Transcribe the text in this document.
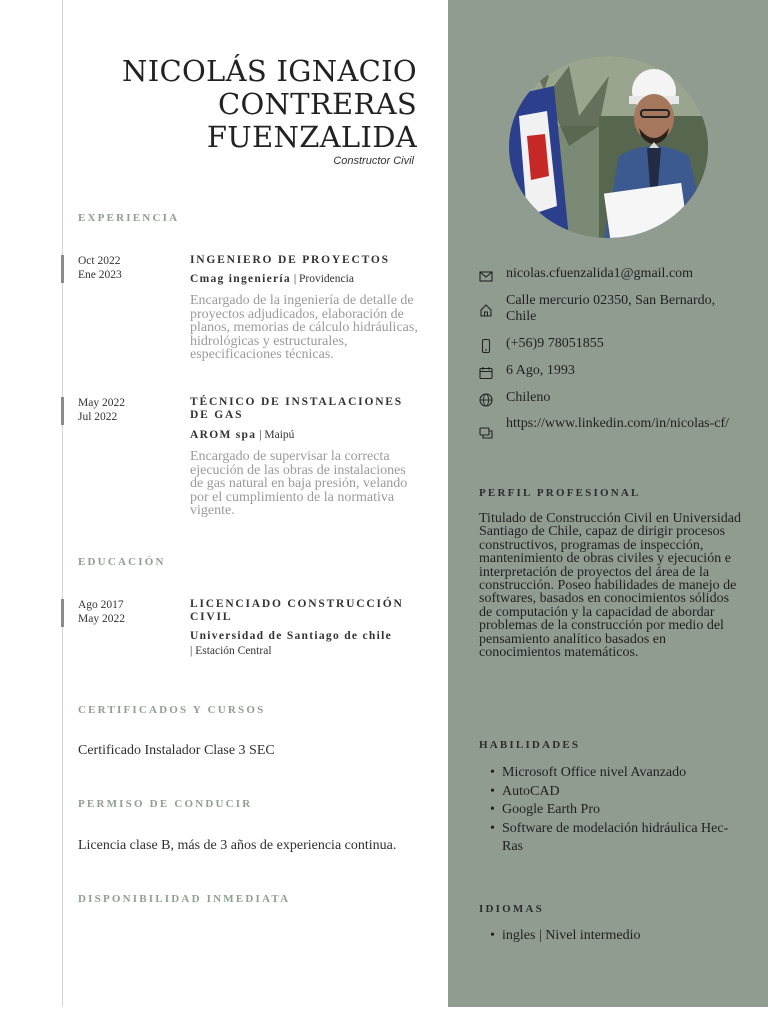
NICOLÁS IGNACIO
CONTRERAS
FUENZALIDA
Constructor Civil
EXPERIENCIA
Oct 2022
Ene 2023
INGENIERO DE PROYECTOS
Cmag ingeniería | Providencia
Encargado de la ingeniería de detalle de proyectos adjudicados, elaboración de planos, memorias de cálculo hidráulicas, hidrológicas y estructurales, especificaciones técnicas.
May 2022
Jul 2022
TÉCNICO DE INSTALACIONES DE GAS
AROM spa | Maipú
Encargado de supervisar la correcta ejecución de las obras de instalaciones de gas natural en baja presión, velando por el cumplimiento de la normativa vigente.
EDUCACIÓN
Ago 2017
May 2022
LICENCIADO CONSTRUCCIÓN CIVIL
Universidad de Santiago de chile
| Estación Central
CERTIFICADOS Y CURSOS
Certificado Instalador Clase 3 SEC
PERMISO DE CONDUCIR
Licencia clase B, más de 3 años de experiencia continua.
DISPONIBILIDAD INMEDIATA
nicolas.cfuenzalida1@gmail.com
Calle mercurio 02350, San Bernardo, Chile
(+56)9 78051855
6 Ago, 1993
Chileno
https://www.linkedin.com/in/nicolas-cf/
PERFIL PROFESIONAL
Titulado de Construcción Civil en Universidad Santiago de Chile, capaz de dirigir procesos constructivos, programas de inspección, mantenimiento de obras civiles y ejecución e interpretación de proyectos del área de la construcción. Poseo habilidades de manejo de softwares, basados en conocimientos sólidos de computación y la capacidad de abordar problemas de la construcción por medio del pensamiento analítico basados en conocimientos matemáticos.
HABILIDADES
• Microsoft Office nivel Avanzado
• AutoCAD
• Google Earth Pro
• Software de modelación hidráulica Hec-Ras
IDIOMAS
• ingles | Nivel intermedio
